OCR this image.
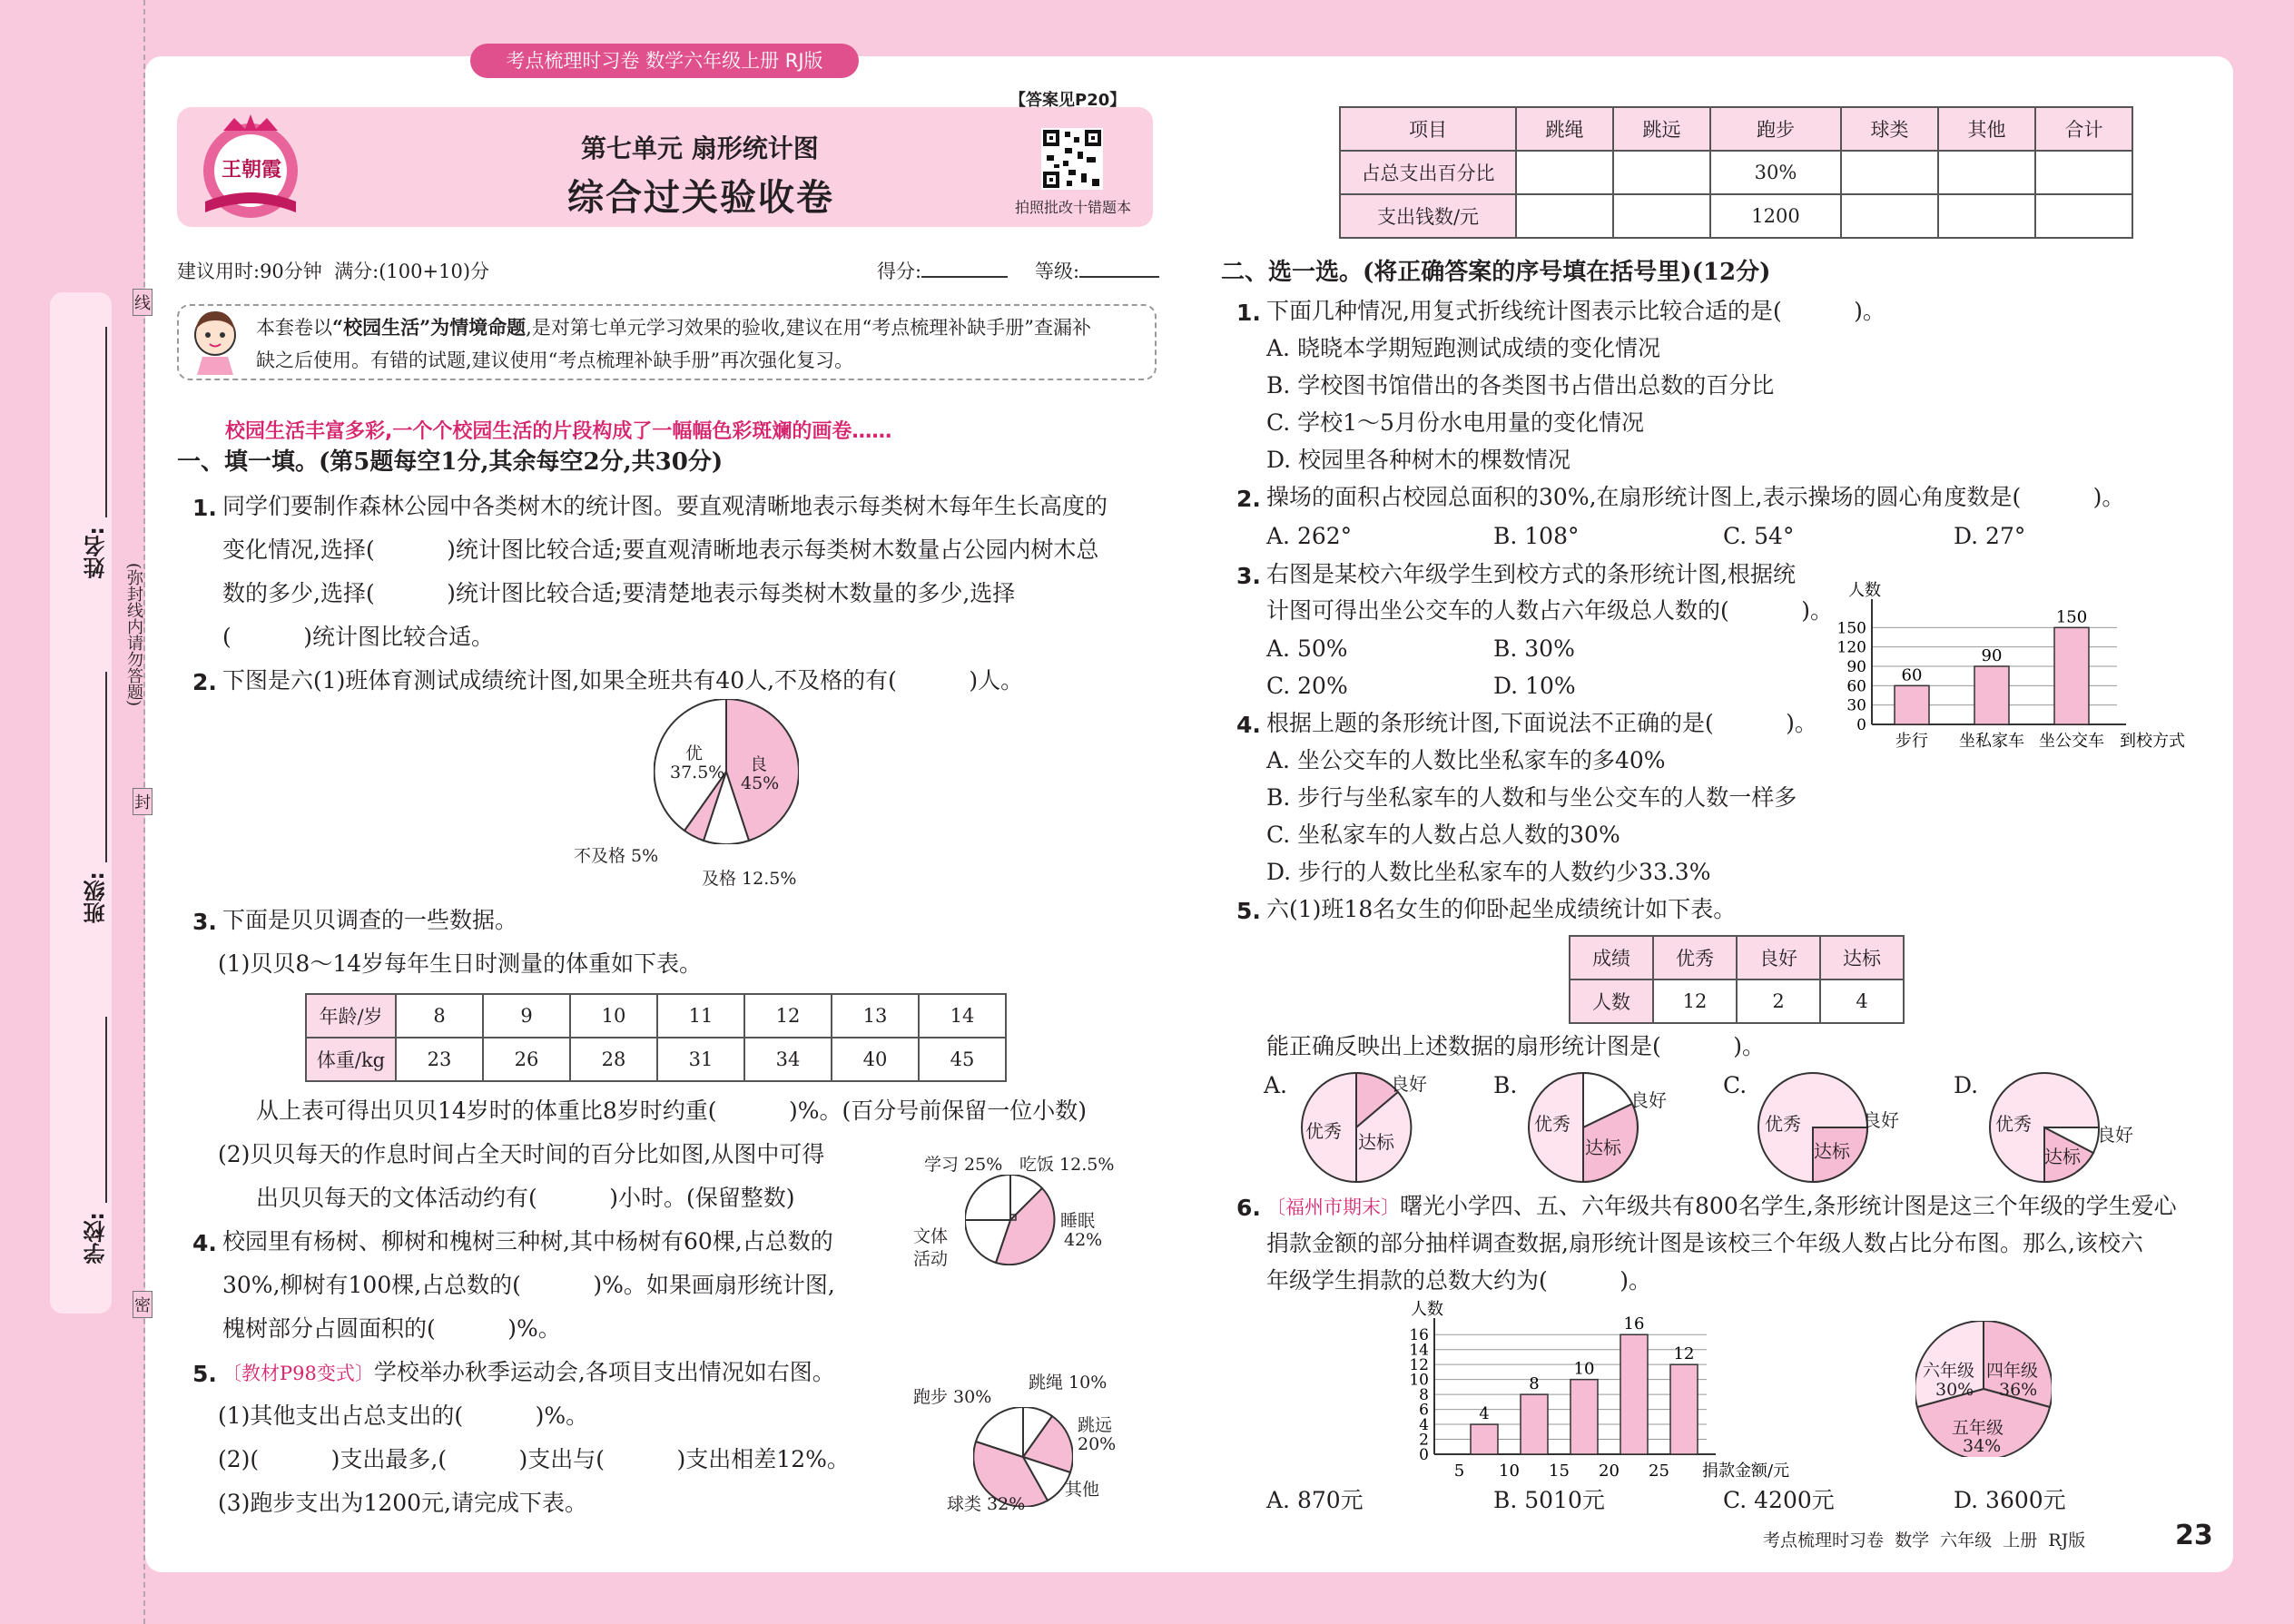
考点梳理时习卷 数学六年级上册 RJ版
王朝霞
【答案见P20】
第七单元 扇形统计图
综合过关验收卷	拍照批改十错题本
建议用时:90分钟  满分:(100+10)分	得分:	等级:
姓名:
班级:
学校:
线
封
密
(弥封线内请勿答题)
本套卷以“校园生活”为情境命题,是对第七单元学习效果的验收,建议在用“考点梳理补缺手册”查漏补
缺之后使用。有错的试题,建议使用“考点梳理补缺手册”再次强化复习。
校园生活丰富多彩,一个个校园生活的片段构成了一幅幅色彩斑斓的画卷……
一、填一填。(第5题每空1分,其余每空2分,共30分)
1. 同学们要制作森林公园中各类树木的统计图。要直观清晰地表示每类树木每年生长高度的
变化情况,选择(          )统计图比较合适;要直观清晰地表示每类树木数量占公园内树木总
数的多少,选择(          )统计图比较合适;要清楚地表示每类树木数量的多少,选择
(          )统计图比较合适。
2. 下图是六(1)班体育测试成绩统计图,如果全班共有40人,不及格的有(          )人。
优
37.5% 良
45%
不及格 5%
及格 12.5%
3. 下面是贝贝调查的一些数据。
(1)贝贝8～14岁每年生日时测量的体重如下表。
年龄/岁	8	9	10	11	12	13	14
体重/kg	23	26	28	31	34	40	45
从上表可得出贝贝14岁时的体重比8岁时约重(          )%。(百分号前保留一位小数)
(2)贝贝每天的作息时间占全天时间的百分比如图,从图中可得
出贝贝每天的文体活动约有(          )小时。(保留整数)
学习 25% 吃饭 12.5%
睡眠
42%
文体
活动
4. 校园里有杨树、柳树和槐树三种树,其中杨树有60棵,占总数的
30%,柳树有100棵,占总数的(          )%。如果画扇形统计图,
槐树部分占圆面积的(          )%。
5. 〔教材P98变式〕学校举办秋季运动会,各项目支出情况如右图。
(1)其他支出占总支出的(          )%。
(2)(          )支出最多,(          )支出与(          )支出相差12%。
(3)跑步支出为1200元,请完成下表。
跑步 30%
跳绳 10%
跳远
20%
球类 32%
其他
项目	跳绳	跳远	跑步	球类	其他	合计
占总支出百分比			30%			
支出钱数/元			1200			
二、选一选。(将正确答案的序号填在括号里)(12分)
1. 下面几种情况,用复式折线统计图表示比较合适的是(          )。
A. 晓晓本学期短跑测试成绩的变化情况
B. 学校图书馆借出的各类图书占借出总数的百分比
C. 学校1～5月份水电用量的变化情况
D. 校园里各种树木的棵数情况
2. 操场的面积占校园总面积的30%,在扇形统计图上,表示操场的圆心角度数是(          )。
A. 262°	B. 108°	C. 54°	D. 27°
3. 右图是某校六年级学生到校方式的条形统计图,根据统
计图可得出坐公交车的人数占六年级总人数的(          )。
A. 50%	B. 30%
C. 20%	D. 10%
0
30
60
90
120
150
人数
60
步行
90
坐私家车
150
坐公交车 到校方式
4. 根据上题的条形统计图,下面说法不正确的是(          )。
A. 坐公交车的人数比坐私家车的多40%
B. 步行与坐私家车的人数和与坐公交车的人数一样多
C. 坐私家车的人数占总人数的30%
D. 步行的人数比坐私家车的人数约少33.3%
5. 六(1)班18名女生的仰卧起坐成绩统计如下表。
成绩	优秀	良好	达标
人数	12	2	4
能正确反映出上述数据的扇形统计图是(          )。
A.
优秀
良好
达标
B.
优秀
良好
达标
C.
优秀	良好
达标
D.
优秀	良好
达标
6. 〔福州市期末〕曙光小学四、五、六年级共有800名学生,条形统计图是这三个年级的学生爱心
捐款金额的部分抽样调查数据,扇形统计图是该校三个年级人数占比分布图。那么,该校六
年级学生捐款的总数大约为(          )。
0
2
4
6
8
10
12
14
16
人数
4
5
8
10
10
15
16
20
12
25 捐款金额/元
六年级
30%
四年级
36%
五年级
34%
A. 870元	B. 5010元	C. 4200元	D. 3600元
考点梳理时习卷  数学  六年级  上册  RJ版	23
